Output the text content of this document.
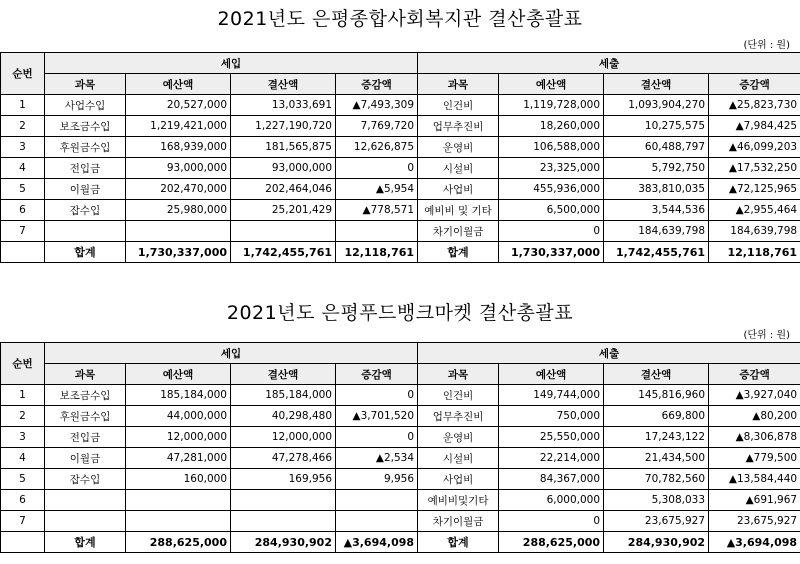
2021년도 은평종합사회복지관 결산총괄표
(단위 : 원)
순번	세입				세출			
	과목	예산액	결산액	증감액	과목	예산액	결산액	증감액
1	사업수입	20,527,000	13,033,691	▲7,493,309	인건비	1,119,728,000	1,093,904,270	▲25,823,730
2	보조금수입	1,219,421,000	1,227,190,720	7,769,720	업무추진비	18,260,000	10,275,575	▲7,984,425
3	후원금수입	168,939,000	181,565,875	12,626,875	운영비	106,588,000	60,488,797	▲46,099,203
4	전입금	93,000,000	93,000,000	0	시설비	23,325,000	5,792,750	▲17,532,250
5	이월금	202,470,000	202,464,046	▲5,954	사업비	455,936,000	383,810,035	▲72,125,965
6	잡수입	25,980,000	25,201,429	▲778,571	예비비 및 기타	6,500,000	3,544,536	▲2,955,464
7					차기이월금	0	184,639,798	184,639,798
	합계	1,730,337,000	1,742,455,761	12,118,761	합계	1,730,337,000	1,742,455,761	12,118,761
2021년도 은평푸드뱅크마켓 결산총괄표
(단위 : 원)
순번	세입				세출			
	과목	예산액	결산액	증감액	과목	예산액	결산액	증감액
1	보조금수입	185,184,000	185,184,000	0	인건비	149,744,000	145,816,960	▲3,927,040
2	후원금수입	44,000,000	40,298,480	▲3,701,520	업무추진비	750,000	669,800	▲80,200
3	전입금	12,000,000	12,000,000	0	운영비	25,550,000	17,243,122	▲8,306,878
4	이월금	47,281,000	47,278,466	▲2,534	시설비	22,214,000	21,434,500	▲779,500
5	잡수입	160,000	169,956	9,956	사업비	84,367,000	70,782,560	▲13,584,440
6					예비비및기타	6,000,000	5,308,033	▲691,967
7					차기이월금	0	23,675,927	23,675,927
	합계	288,625,000	284,930,902	▲3,694,098	합계	288,625,000	284,930,902	▲3,694,098
